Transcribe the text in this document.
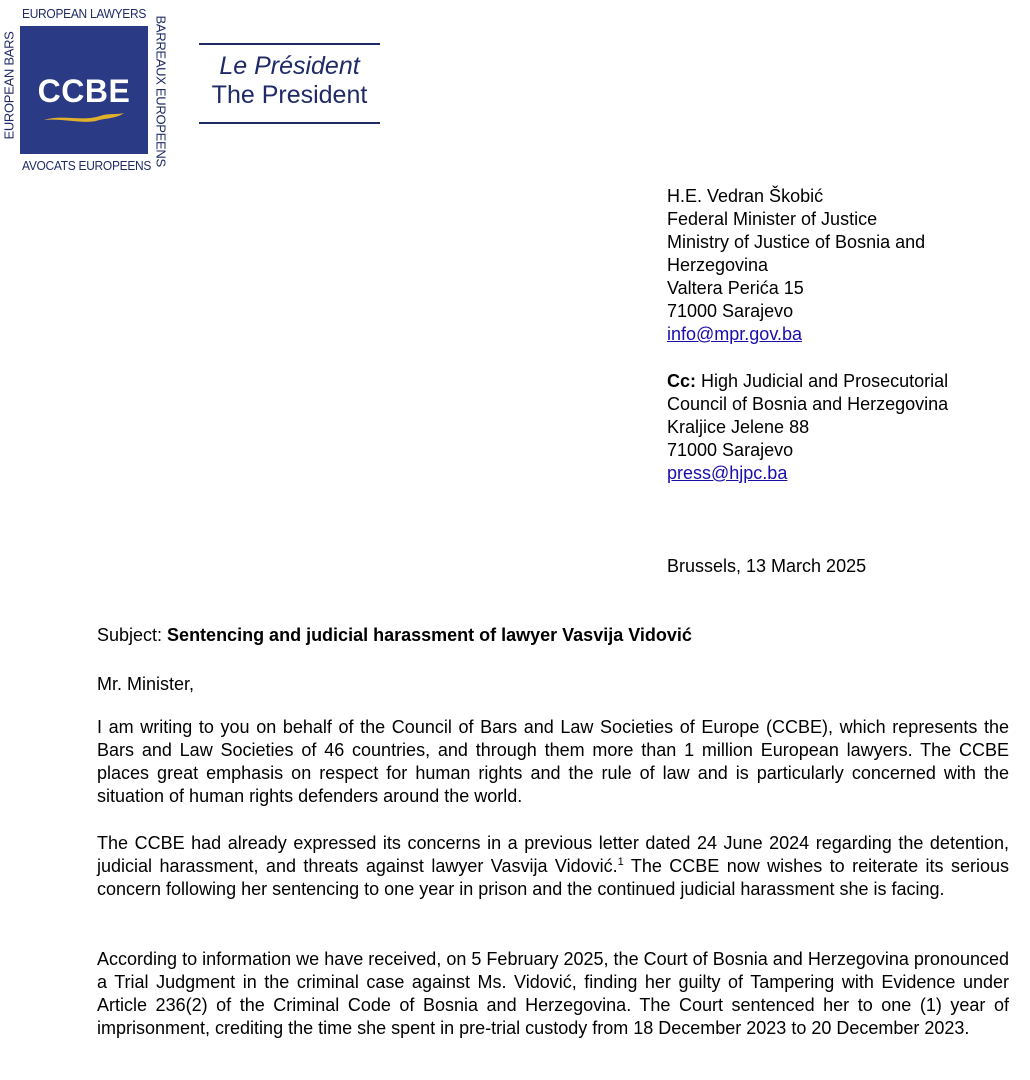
EUROPEAN LAWYERS
EUROPEAN BARS CCBE	BARREAUX EUROPEENS
AVOCATS EUROPEENS
Le Président
The President
H.E. Vedran Škobić
Federal Minister of Justice
Ministry of Justice of Bosnia and
Herzegovina
Valtera Perića 15
71000 Sarajevo
info@mpr.gov.ba
Cc: High Judicial and Prosecutorial
Council of Bosnia and Herzegovina
Kraljice Jelene 88
71000 Sarajevo
press@hjpc.ba
Brussels, 13 March 2025
Subject: Sentencing and judicial harassment of lawyer Vasvija Vidović
Mr. Minister,
I am writing to you on behalf of the Council of Bars and Law Societies of Europe (CCBE), which represents the Bars and Law Societies of 46 countries, and through them more than 1 million European lawyers. The CCBE places great emphasis on respect for human rights and the rule of law and is particularly concerned with the situation of human rights defenders around the world.
The CCBE had already expressed its concerns in a previous letter dated 24 June 2024 regarding the detention, judicial harassment, and threats against lawyer Vasvija Vidović.$^1$ The CCBE now wishes to reiterate its serious concern following her sentencing to one year in prison and the continued judicial harassment she is facing.
According to information we have received, on 5 February 2025, the Court of Bosnia and Herzegovina pronounced a Trial Judgment in the criminal case against Ms. Vidović, finding her guilty of Tampering with Evidence under Article 236(2) of the Criminal Code of Bosnia and Herzegovina. The Court sentenced her to one (1) year of imprisonment, crediting the time she spent in pre-trial custody from 18 December 2023 to 20 December 2023.
